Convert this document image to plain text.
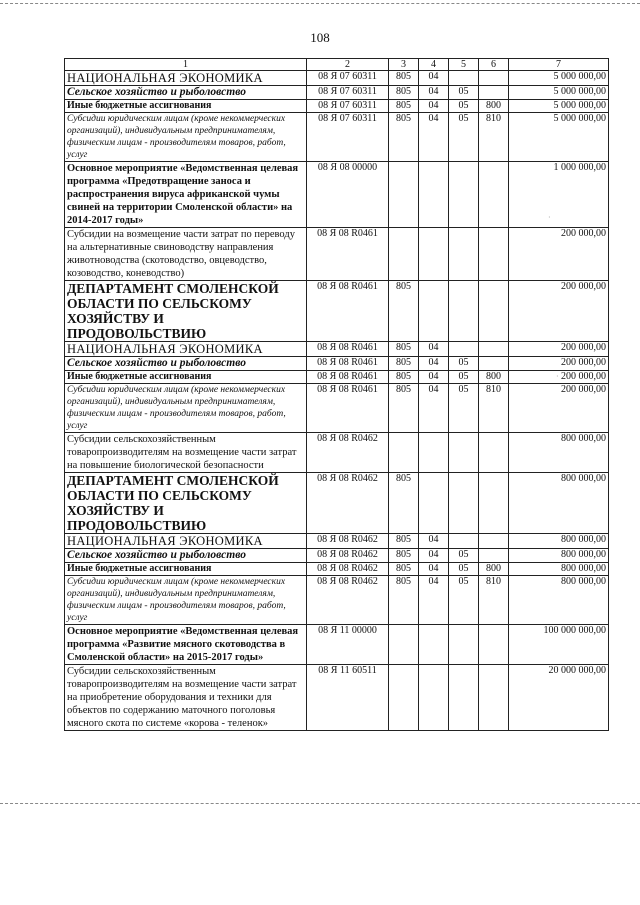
108
1	2	3	4	5	6	7
НАЦИОНАЛЬНАЯ ЭКОНОМИКА	08 Я 07 60311	805	04			5 000 000,00
Сельское хозяйство и рыболовство	08 Я 07 60311	805	04	05		5 000 000,00
Иные бюджетные ассигнования	08 Я 07 60311	805	04	05	800	5 000 000,00
Субсидии юридическим лицам (кроме некоммерческих организаций), индивидуальным предпринимателям, физическим лицам - производителям товаров, работ, услуг	08 Я 07 60311	805	04	05	810	5 000 000,00
Основное мероприятие «Ведомственная целевая программа «Предотвращение заноса и распространения вируса африканской чумы свиней на территории Смоленской области» на 2014-2017 годы»	08 Я 08 00000					1 000 000,00
Субсидии на возмещение части затрат по переводу на альтернативные свиноводству направления животноводства (скотоводство, овцеводство, козоводство, коневодство)	08 Я 08 R0461					200 000,00
ДЕПАРТАМЕНТ СМОЛЕНСКОЙ ОБЛАСТИ ПО СЕЛЬСКОМУ ХОЗЯЙСТВУ И ПРОДОВОЛЬСТВИЮ	08 Я 08 R0461	805				200 000,00
НАЦИОНАЛЬНАЯ ЭКОНОМИКА	08 Я 08 R0461	805	04			200 000,00
Сельское хозяйство и рыболовство	08 Я 08 R0461	805	04	05		200 000,00
Иные бюджетные ассигнования	08 Я 08 R0461	805	04	05	800	200 000,00
Субсидии юридическим лицам (кроме некоммерческих организаций), индивидуальным предпринимателям, физическим лицам - производителям товаров, работ, услуг	08 Я 08 R0461	805	04	05	810	200 000,00
Субсидии сельскохозяйственным товаропроизводителям на возмещение части затрат на повышение биологической безопасности	08 Я 08 R0462					800 000,00
ДЕПАРТАМЕНТ СМОЛЕНСКОЙ ОБЛАСТИ ПО СЕЛЬСКОМУ ХОЗЯЙСТВУ И ПРОДОВОЛЬСТВИЮ	08 Я 08 R0462	805				800 000,00
НАЦИОНАЛЬНАЯ ЭКОНОМИКА	08 Я 08 R0462	805	04			800 000,00
Сельское хозяйство и рыболовство	08 Я 08 R0462	805	04	05		800 000,00
Иные бюджетные ассигнования	08 Я 08 R0462	805	04	05	800	800 000,00
Субсидии юридическим лицам (кроме некоммерческих организаций), индивидуальным предпринимателям, физическим лицам - производителям товаров, работ, услуг	08 Я 08 R0462	805	04	05	810	800 000,00
Основное мероприятие «Ведомственная целевая программа «Развитие мясного скотоводства в Смоленской области» на 2015-2017 годы»	08 Я 11 00000					100 000 000,00
Субсидии сельскохозяйственным товаропроизводителям на возмещение части затрат на приобретение оборудования и техники для объектов по содержанию маточного поголовья мясного скота по системе «корова - теленок»	08 Я 11 60511					20 000 000,00
·
·
